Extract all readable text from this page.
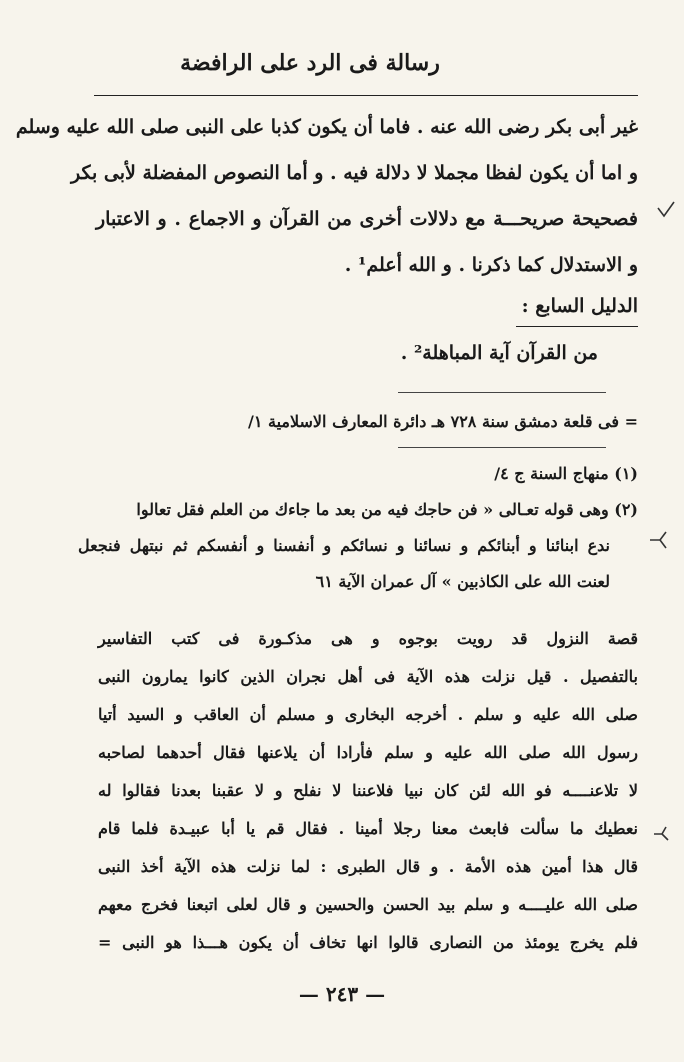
رسالة فى الرد على الرافضة
غير أبى بكر رضى الله عنه . فاما أن يكون كذبا على النبى صلى الله عليه وسلم
و اما أن يكون لفظا مجملا لا دلالة فيه . و أما النصوص المفضلة لأبى بكر
فصحيحة صريحـــة مع دلالات أخرى من القرآن و الاجماع . و الاعتبار
و الاستدلال كما ذكرنا . و الله أعلم¹ .
الدليل السابع :
من القرآن آية المباهلة² .
= فى قلعة دمشق سنة ٧٢٨ هـ دائرة المعارف الاسلامية ١/
(١) منهاج السنة ج ٤/
(٢) وهى قوله تعـالى « فن حاجك فيه من بعد ما جاءك من العلم فقل تعالوا
ندع ابنائنا و أبنائكم و نسائنا و نسائكم و أنفسنا و أنفسكم ثم نبتهل فنجعل
لعنت الله على الكاذبين » آل عمران الآية ٦١
قصة النزول قد رويت بوجوه و هى مذكـورة فى كتب التفاسير
بالتفصيل . قيل نزلت هذه الآية فى أهل نجران الذين كانوا يمارون النبى
صلى الله عليه و سلم . أخرجه البخارى و مسلم أن العاقب و السيد أتيا
رسول الله صلى الله عليه و سلم فأرادا أن يلاعنها فقال أحدهما لصاحبه
لا تلاعنــــه فو الله لئن كان نبيا فلاعننا لا نفلح و لا عقبنا بعدنا فقالوا له
نعطيك ما سألت فابعث معنا رجلا أمينا . فقال قم يا أبا عبيـدة فلما قام
قال هذا أمين هذه الأمة . و قال الطبرى : لما نزلت هذه الآية أخذ النبى
صلى الله عليــــه و سلم بيد الحسن والحسين و قال لعلى اتبعنا فخرج معهم
فلم يخرج يومئذ من النصارى قالوا انها تخاف أن يكون هـــذا هو النبى =
— ٢٤٣ —
